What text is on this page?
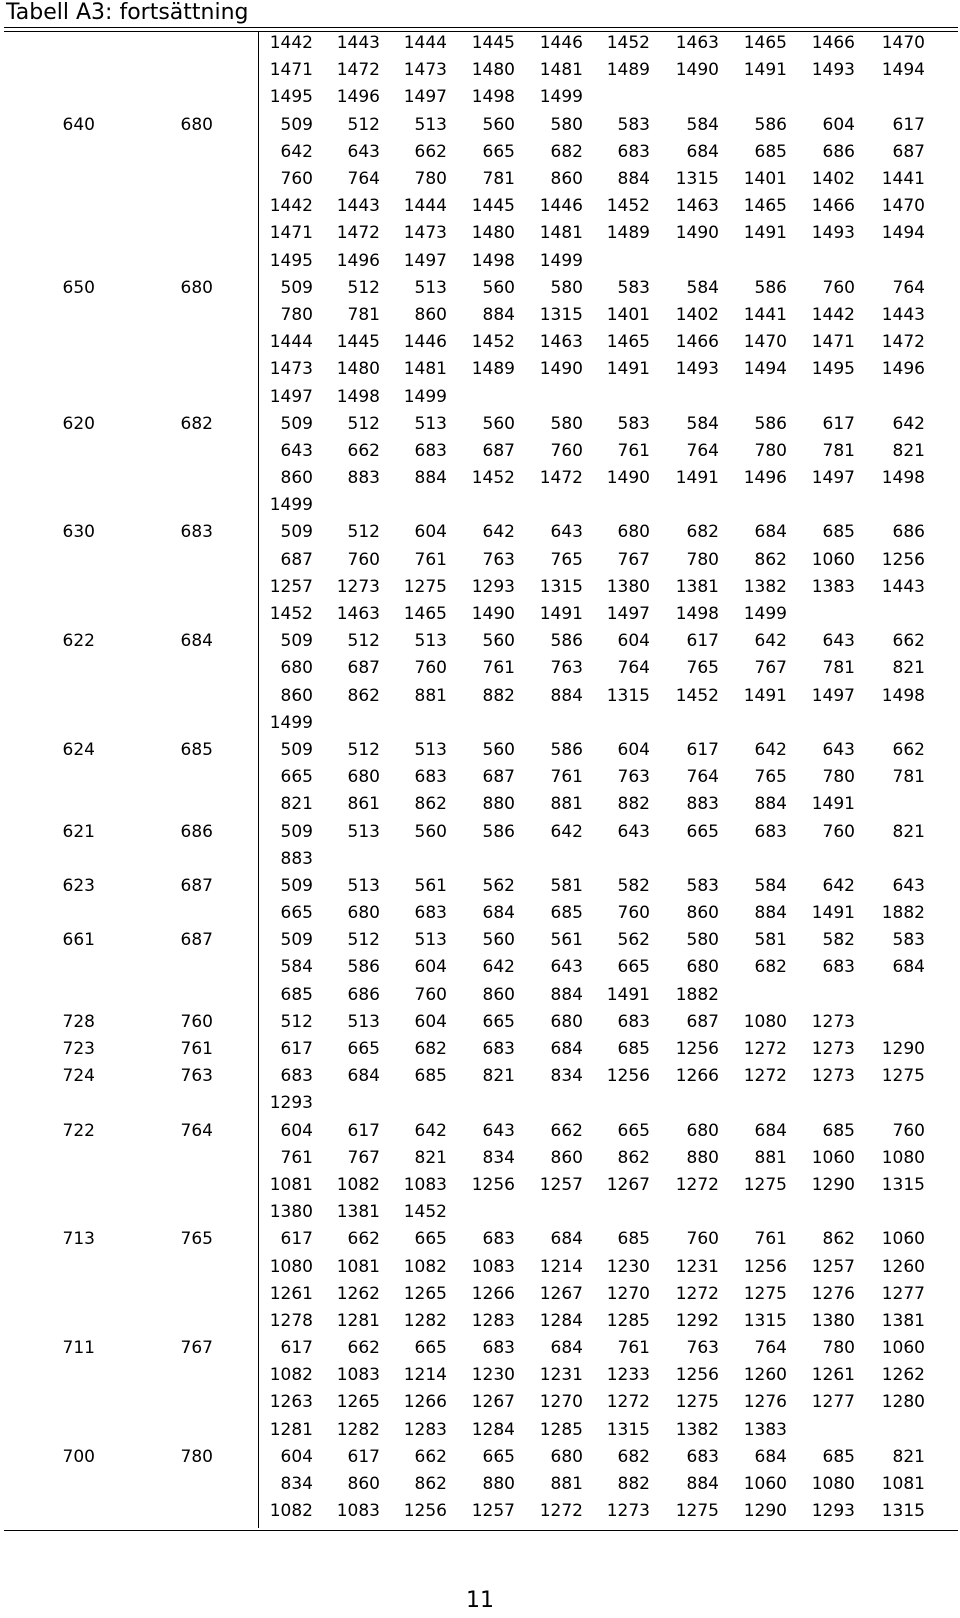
Tabell A3: fortsättning
		1442	1443	1444	1445	1446	1452	1463	1465	1466	1470	
		1471	1472	1473	1480	1481	1489	1490	1491	1493	1494	
		1495	1496	1497	1498	1499						
640	680	509	512	513	560	580	583	584	586	604	617	
		642	643	662	665	682	683	684	685	686	687	
		760	764	780	781	860	884	1315	1401	1402	1441	
		1442	1443	1444	1445	1446	1452	1463	1465	1466	1470	
		1471	1472	1473	1480	1481	1489	1490	1491	1493	1494	
		1495	1496	1497	1498	1499						
650	680	509	512	513	560	580	583	584	586	760	764	
		780	781	860	884	1315	1401	1402	1441	1442	1443	
		1444	1445	1446	1452	1463	1465	1466	1470	1471	1472	
		1473	1480	1481	1489	1490	1491	1493	1494	1495	1496	
		1497	1498	1499								
620	682	509	512	513	560	580	583	584	586	617	642	
		643	662	683	687	760	761	764	780	781	821	
		860	883	884	1452	1472	1490	1491	1496	1497	1498	
		1499										
630	683	509	512	604	642	643	680	682	684	685	686	
		687	760	761	763	765	767	780	862	1060	1256	
		1257	1273	1275	1293	1315	1380	1381	1382	1383	1443	
		1452	1463	1465	1490	1491	1497	1498	1499			
622	684	509	512	513	560	586	604	617	642	643	662	
		680	687	760	761	763	764	765	767	781	821	
		860	862	881	882	884	1315	1452	1491	1497	1498	
		1499										
624	685	509	512	513	560	586	604	617	642	643	662	
		665	680	683	687	761	763	764	765	780	781	
		821	861	862	880	881	882	883	884	1491		
621	686	509	513	560	586	642	643	665	683	760	821	
		883										
623	687	509	513	561	562	581	582	583	584	642	643	
		665	680	683	684	685	760	860	884	1491	1882	
661	687	509	512	513	560	561	562	580	581	582	583	
		584	586	604	642	643	665	680	682	683	684	
		685	686	760	860	884	1491	1882				
728	760	512	513	604	665	680	683	687	1080	1273		
723	761	617	665	682	683	684	685	1256	1272	1273	1290	
724	763	683	684	685	821	834	1256	1266	1272	1273	1275	
		1293										
722	764	604	617	642	643	662	665	680	684	685	760	
		761	767	821	834	860	862	880	881	1060	1080	
		1081	1082	1083	1256	1257	1267	1272	1275	1290	1315	
		1380	1381	1452								
713	765	617	662	665	683	684	685	760	761	862	1060	
		1080	1081	1082	1083	1214	1230	1231	1256	1257	1260	
		1261	1262	1265	1266	1267	1270	1272	1275	1276	1277	
		1278	1281	1282	1283	1284	1285	1292	1315	1380	1381	
711	767	617	662	665	683	684	761	763	764	780	1060	
		1082	1083	1214	1230	1231	1233	1256	1260	1261	1262	
		1263	1265	1266	1267	1270	1272	1275	1276	1277	1280	
		1281	1282	1283	1284	1285	1315	1382	1383			
700	780	604	617	662	665	680	682	683	684	685	821	
		834	860	862	880	881	882	884	1060	1080	1081	
		1082	1083	1256	1257	1272	1273	1275	1290	1293	1315	
11
